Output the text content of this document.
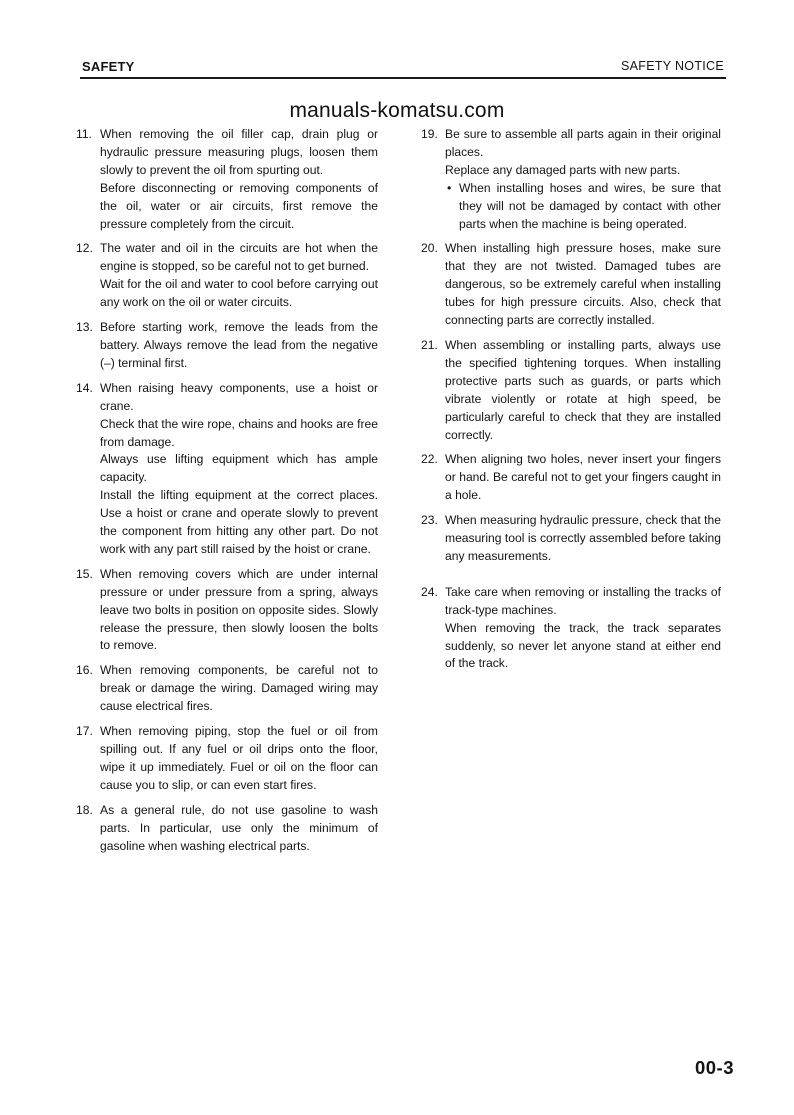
SAFETY	SAFETY NOTICE
manuals-komatsu.com
11. When removing the oil filler cap, drain plug or hydraulic pressure measuring plugs, loosen them slowly to prevent the oil from spurting out.
Before disconnecting or removing components of the oil, water or air circuits, first remove the pressure completely from the circuit.
12. The water and oil in the circuits are hot when the engine is stopped, so be careful not to get burned.
Wait for the oil and water to cool before carrying out any work on the oil or water circuits.
13. Before starting work, remove the leads from the battery. Always remove the lead from the negative (–) terminal first.
14. When raising heavy components, use a hoist or crane.
Check that the wire rope, chains and hooks are free from damage.
Always use lifting equipment which has ample capacity.
Install the lifting equipment at the correct places. Use a hoist or crane and operate slowly to prevent the component from hitting any other part. Do not work with any part still raised by the hoist or crane.
15. When removing covers which are under internal pressure or under pressure from a spring, always leave two bolts in position on opposite sides. Slowly release the pressure, then slowly loosen the bolts to remove.
16. When removing components, be careful not to break or damage the wiring. Damaged wiring may cause electrical fires.
17. When removing piping, stop the fuel or oil from spilling out. If any fuel or oil drips onto the floor, wipe it up immediately. Fuel or oil on the floor can cause you to slip, or can even start fires.
18. As a general rule, do not use gasoline to wash parts. In particular, use only the minimum of gasoline when washing electrical parts.
19. Be sure to assemble all parts again in their original places.
Replace any damaged parts with new parts.
• When installing hoses and wires, be sure that they will not be damaged by contact with other parts when the machine is being operated.
20. When installing high pressure hoses, make sure that they are not twisted. Damaged tubes are dangerous, so be extremely careful when installing tubes for high pressure circuits. Also, check that connecting parts are correctly installed.
21. When assembling or installing parts, always use the specified tightening torques. When installing protective parts such as guards, or parts which vibrate violently or rotate at high speed, be particularly careful to check that they are installed correctly.
22. When aligning two holes, never insert your fingers or hand. Be careful not to get your fingers caught in a hole.
23. When measuring hydraulic pressure, check that the measuring tool is correctly assembled before taking any measurements.
24. Take care when removing or installing the tracks of track-type machines.
When removing the track, the track separates suddenly, so never let anyone stand at either end of the track.
00-3
